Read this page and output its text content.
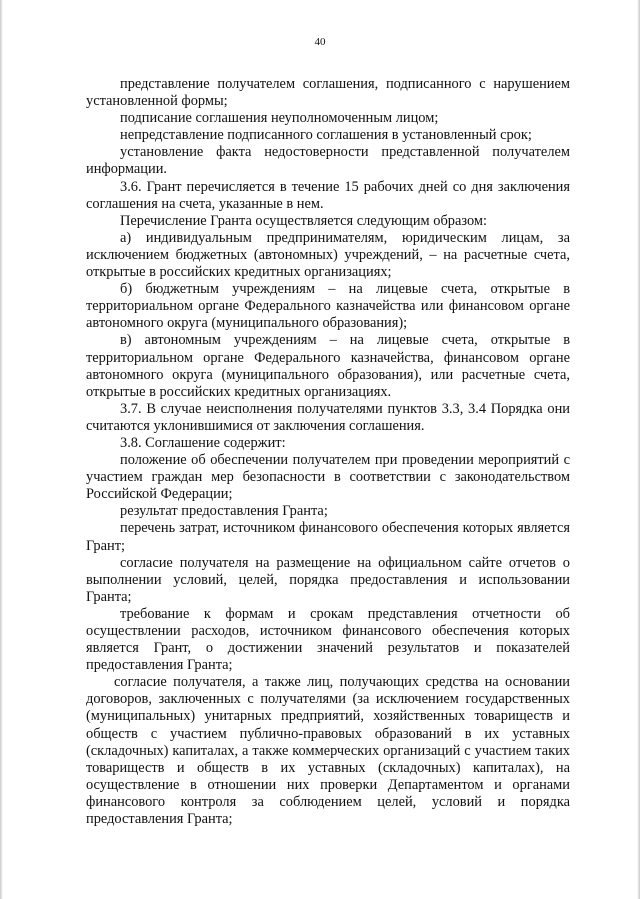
40

представление получателем соглашения, подписанного с нарушением установленной формы;

подписание соглашения неуполномоченным лицом;

непредставление подписанного соглашения в установленный срок;

установление факта недостоверности представленной получателем информации.

3.6. Грант перечисляется в течение 15 рабочих дней со дня заключения соглашения на счета, указанные в нем.

Перечисление Гранта осуществляется следующим образом:

а) индивидуальным предпринимателям, юридическим лицам, за исключением бюджетных (автономных) учреждений, – на расчетные счета, открытые в российских кредитных организациях;

б) бюджетным учреждениям – на лицевые счета, открытые в территориальном органе Федерального казначейства или финансовом органе автономного округа (муниципального образования);

в) автономным учреждениям – на лицевые счета, открытые в территориальном органе Федерального казначейства, финансовом органе автономного округа (муниципального образования), или расчетные счета, открытые в российских кредитных организациях.

3.7. В случае неисполнения получателями пунктов 3.3, 3.4 Порядка они считаются уклонившимися от заключения соглашения.

3.8. Соглашение содержит:

положение об обеспечении получателем при проведении мероприятий с участием граждан мер безопасности в соответствии с законодательством Российской Федерации;

результат предоставления Гранта;

перечень затрат, источником финансового обеспечения которых является Грант;

согласие получателя на размещение на официальном сайте отчетов о выполнении условий, целей, порядка предоставления и использовании Гранта;

требование к формам и срокам представления отчетности об осуществлении расходов, источником финансового обеспечения которых является Грант, о достижении значений результатов и показателей предоставления Гранта;

согласие получателя, а также лиц, получающих средства на основании договоров, заключенных с получателями (за исключением государственных (муниципальных) унитарных предприятий, хозяйственных товариществ и обществ с участием публично-правовых образований в их уставных (складочных) капиталах, а также коммерческих организаций с участием таких товариществ и обществ в их уставных (складочных) капиталах), на осуществление в отношении них проверки Департаментом и органами финансового контроля за соблюдением целей, условий и порядка предоставления Гранта;
